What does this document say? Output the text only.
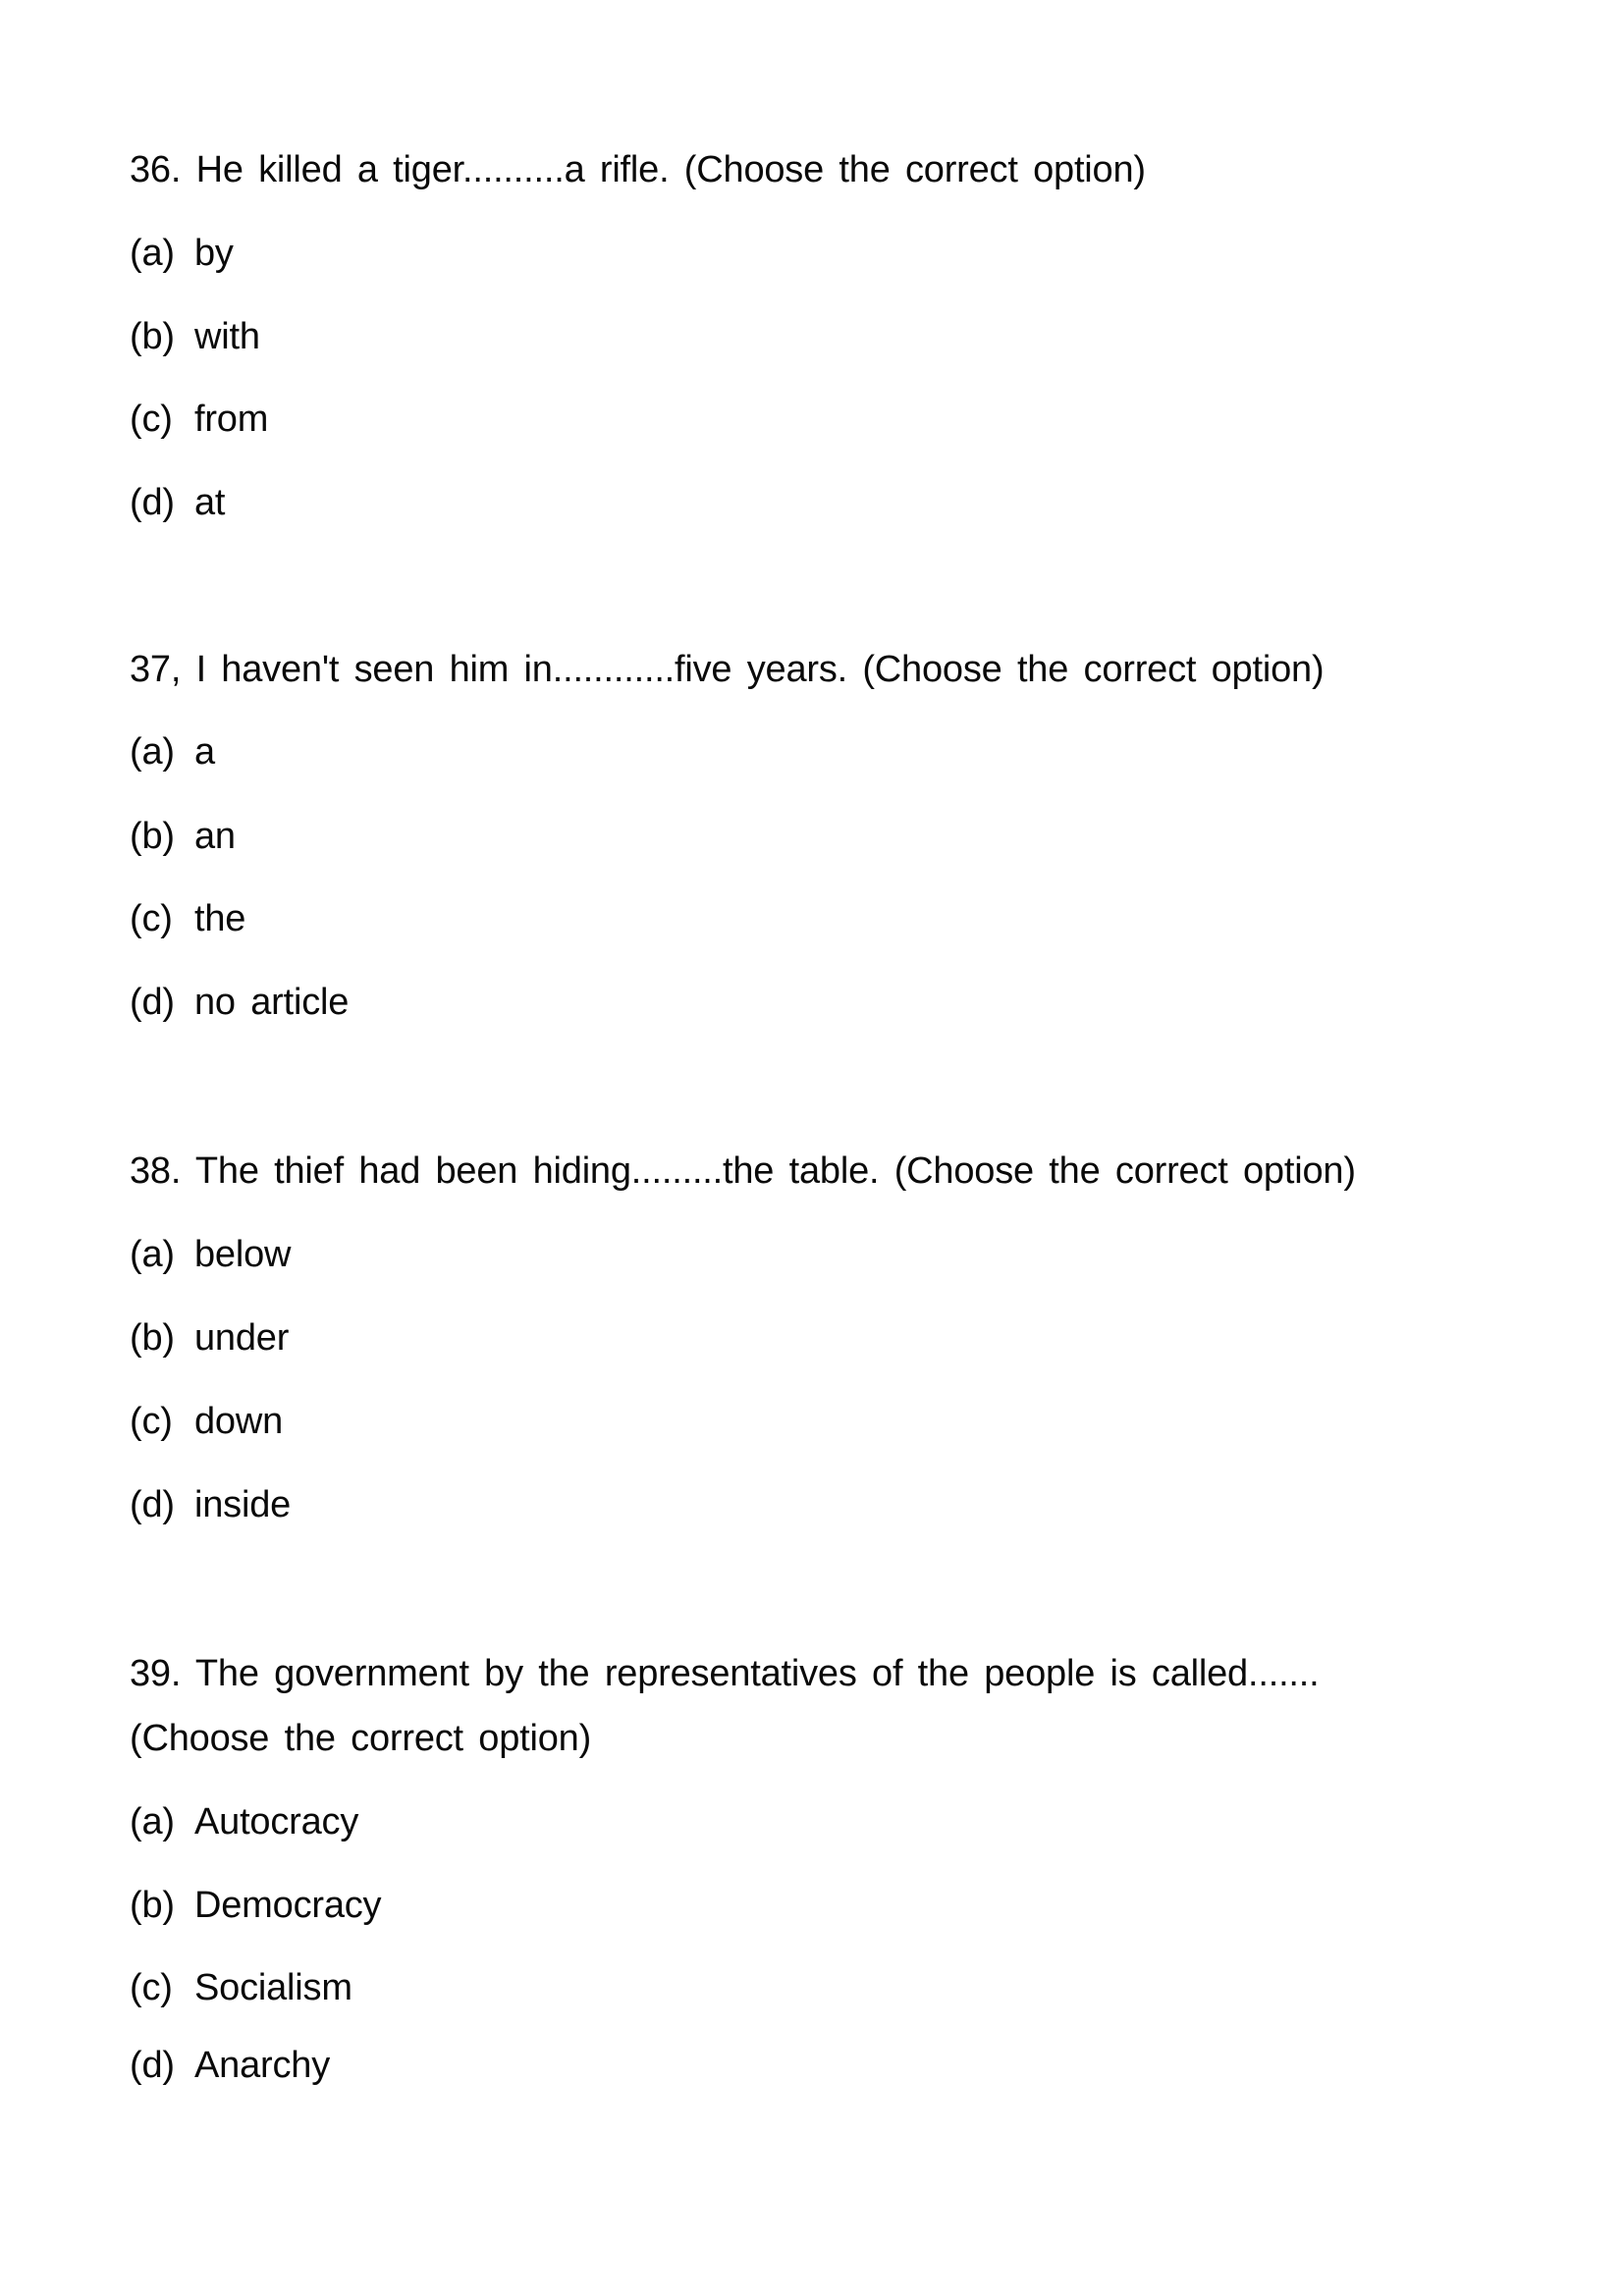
36. He killed a tiger..........a rifle. (Choose the correct option)
(a) by
(b) with
(c) from
(d) at
37, I haven't seen him in............five years. (Choose the correct option)
(a) a
(b) an
(c) the
(d) no article
38. The thief had been hiding.........the table. (Choose the correct option)
(a) below
(b) under
(c) down
(d) inside
39. The government by the representatives of the people is called.......
(Choose the correct option)
(a) Autocracy
(b) Democracy
(c) Socialism
(d) Anarchy
